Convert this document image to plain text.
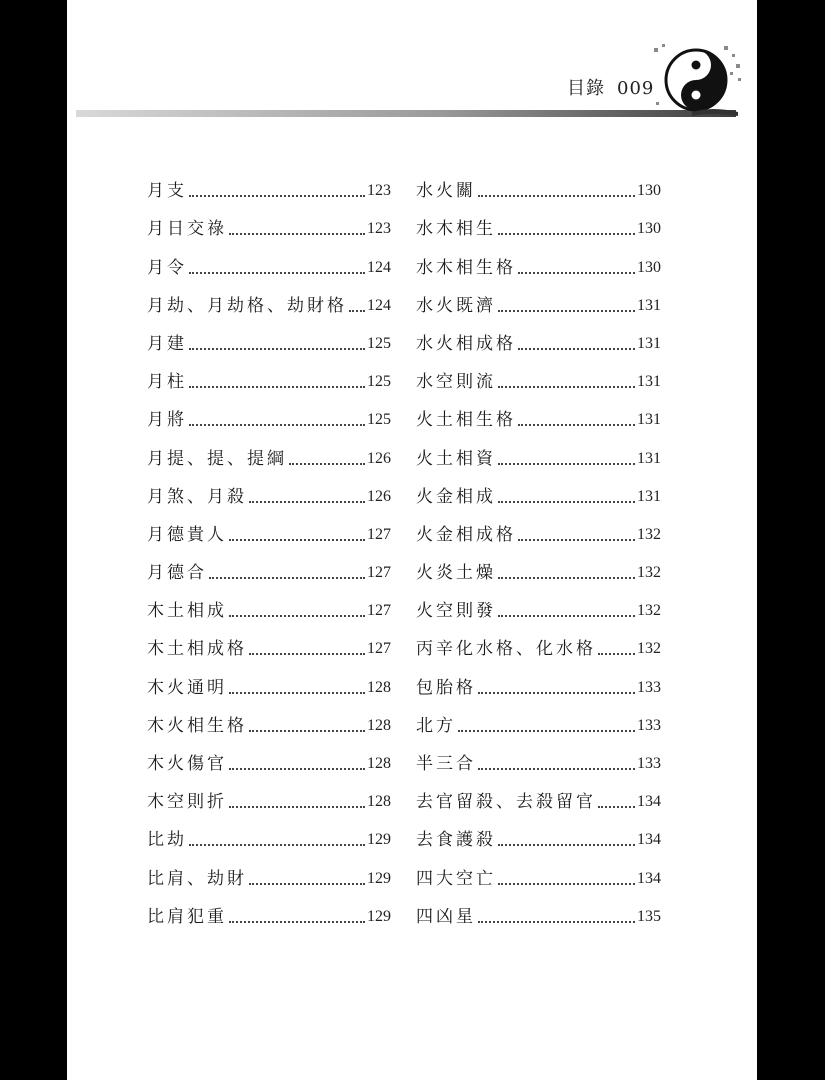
目錄 009
月支	123
月日交祿	123
月令	124
月劫、月劫格、劫財格 124
月建	125
月柱	125
月將	125
月提、提、提綱	126
月煞、月殺	126
月德貴人	127
月德合	127
木土相成	127
木土相成格	127
木火通明	128
木火相生格	128
木火傷官	128
木空則折	128
比劫	129
比肩、劫財	129
比肩犯重	129
水火關	130
水木相生	130
水木相生格	130
水火既濟	131
水火相成格	131
水空則流	131
火土相生格	131
火土相資	131
火金相成	131
火金相成格	132
火炎土燥	132
火空則發	132
丙辛化水格、化水格	132
包胎格	133
北方	133
半三合	133
去官留殺、去殺留官	134
去食護殺	134
四大空亡	134
四凶星	135
